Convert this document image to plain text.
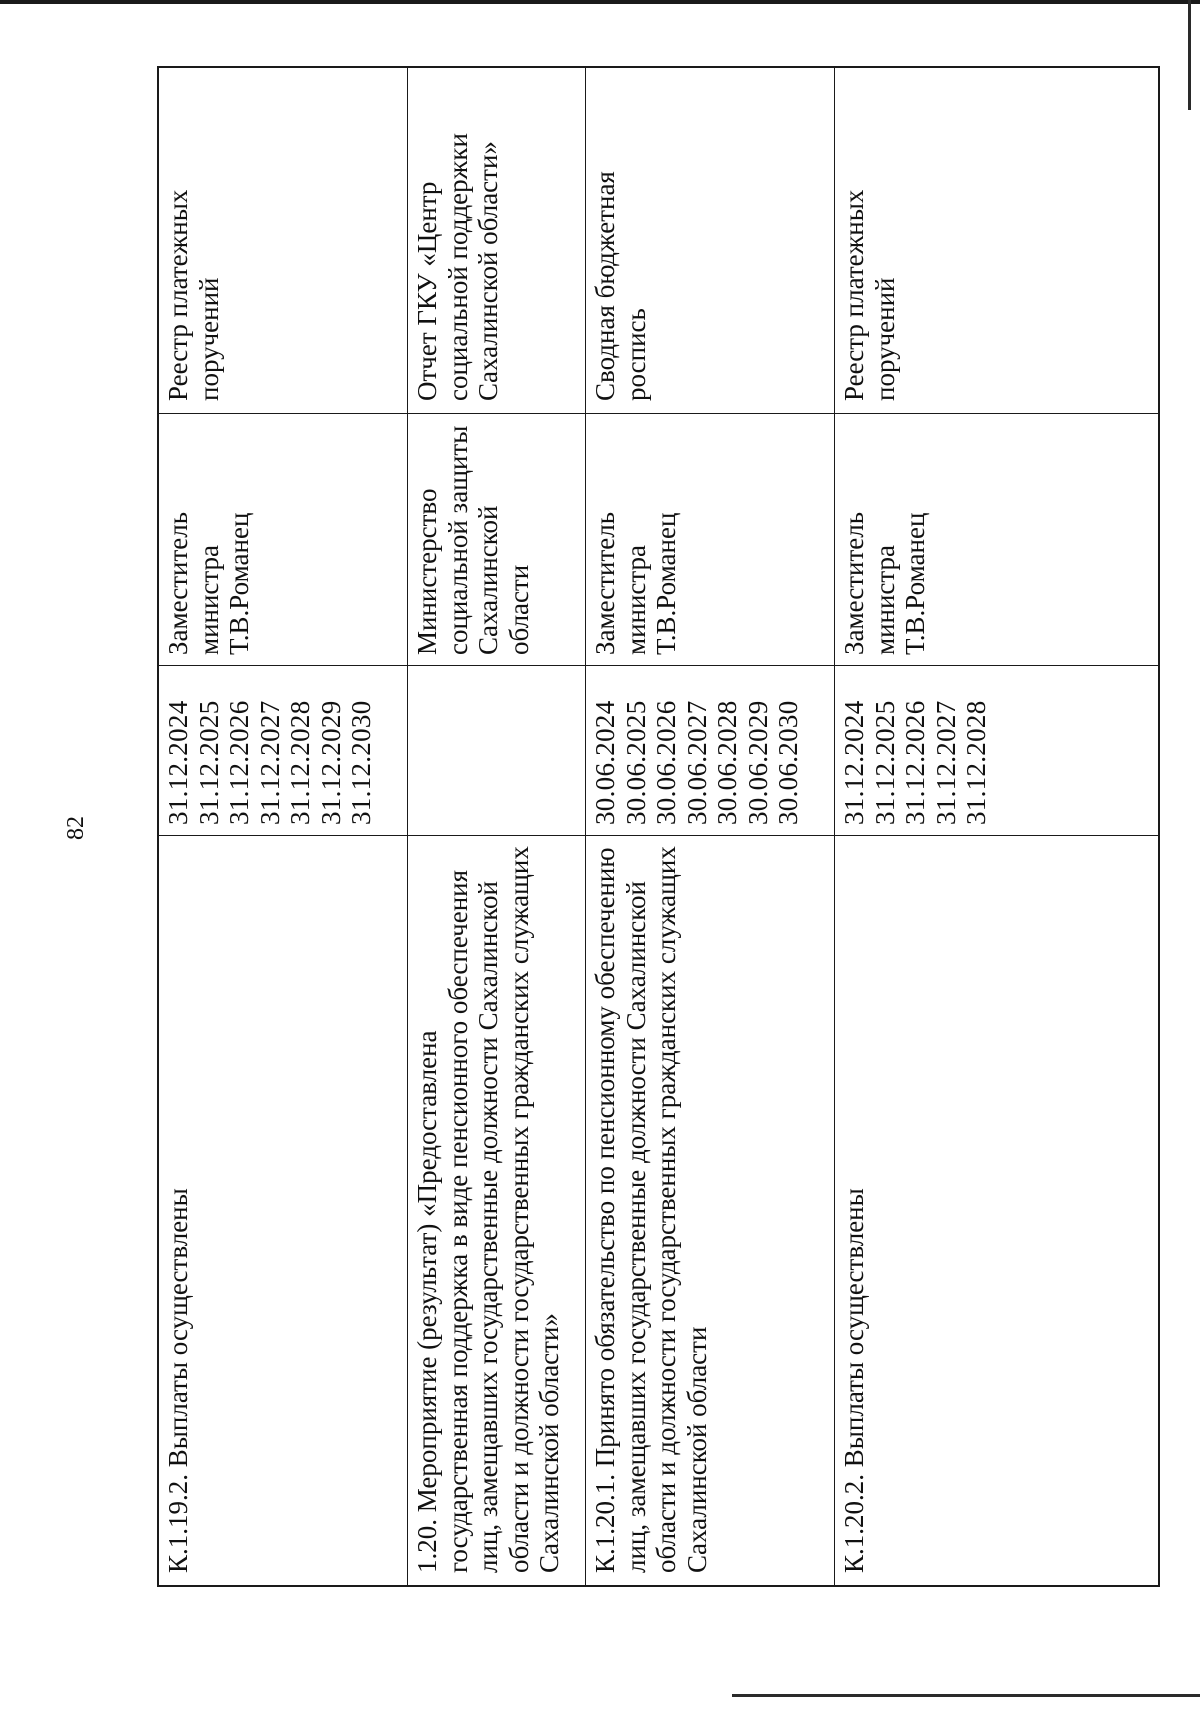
82
К.1.19.2. Выплаты осуществлены
31.12.2024
31.12.2025
31.12.2026
31.12.2027
31.12.2028
31.12.2029
31.12.2030
Заместитель министра
Т.В.Романец
Реестр платежных
поручений
1.20. Мероприятие (результат) «Предоставлена государственная поддержка в виде пенсионного обеспечения лиц, замещавших государственные должности Сахалинской области и должности государственных гражданских служащих Сахалинской области»
Министерство
социальной защиты
Сахалинской области
Отчет ГКУ «Центр
социальной поддержки
Сахалинской области»
К.1.20.1. Принято обязательство по пенсионному обеспечению лиц, замещавших государственные должности Сахалинской области и должности государственных гражданских служащих Сахалинской области
30.06.2024
30.06.2025
30.06.2026
30.06.2027
30.06.2028
30.06.2029
30.06.2030
Заместитель министра
Т.В.Романец
Сводная бюджетная
роспись
К.1.20.2. Выплаты осуществлены
31.12.2024
31.12.2025
31.12.2026
31.12.2027
31.12.2028
Заместитель министра
Т.В.Романец
Реестр платежных
поручений
